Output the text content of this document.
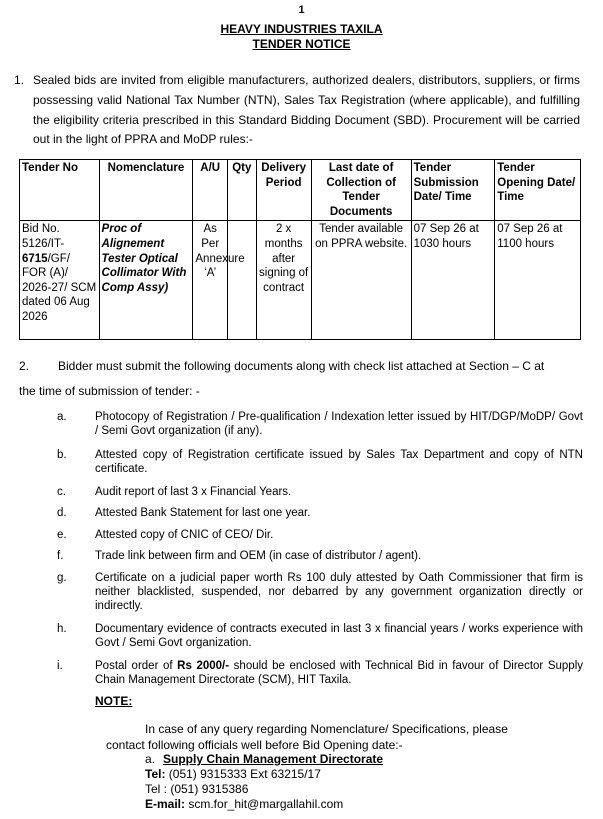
1
HEAVY INDUSTRIES TAXILA
TENDER NOTICE
1. Sealed bids are invited from eligible manufacturers, authorized dealers, distributors, suppliers, or firms possessing valid National Tax Number (NTN), Sales Tax Registration (where applicable), and fulfilling the eligibility criteria prescribed in this Standard Bidding Document (SBD). Procurement will be carried out in the light of PPRA and MoDP rules:-
Tender No	Nomenclature	A/U	Qty	Delivery Period	Last date of Collection of Tender Documents	Tender Submission Date/ Time	Tender Opening Date/ Time
Bid No. 5126/IT-6715/GF/ FOR (A)/ 2026-27/ SCM dated 06 Aug 2026	Proc of Alignement Tester Optical Collimator With Comp Assy)	As Per Annexure ‘A’		2 x months after signing of contract	Tender available on PPRA website.	07 Sep 26 at 1030 hours	07 Sep 26 at 1100 hours
2. Bidder must submit the following documents along with check list attached at Section – C at
the time of submission of tender: -
a. Photocopy of Registration / Pre-qualification / Indexation letter issued by HIT/DGP/MoDP/ Govt / Semi Govt organization (if any).
b. Attested copy of Registration certificate issued by Sales Tax Department and copy of NTN certificate.
c.	Audit report of last 3 x Financial Years.
d. Attested Bank Statement for last one year.
e. Attested copy of CNIC of CEO/ Dir.
f.	Trade link between firm and OEM (in case of distributor / agent).
g. Certificate on a judicial paper worth Rs 100 duly attested by Oath Commissioner that firm is neither blacklisted, suspended, nor debarred by any government organization directly or indirectly.
h. Documentary evidence of contracts executed in last 3 x financial years / works experience with Govt / Semi Govt organization.
i.	Postal order of Rs 2000/- should be enclosed with Technical Bid in favour of Director Supply Chain Management Directorate (SCM), HIT Taxila.
NOTE:
In case of any query regarding Nomenclature/ Specifications, please
contact following officials well before Bid Opening date:-
a. Supply Chain Management Directorate
Tel: (051) 9315333 Ext 63215/17
Tel : (051) 9315386
E-mail: scm.for_hit@margallahil.com
